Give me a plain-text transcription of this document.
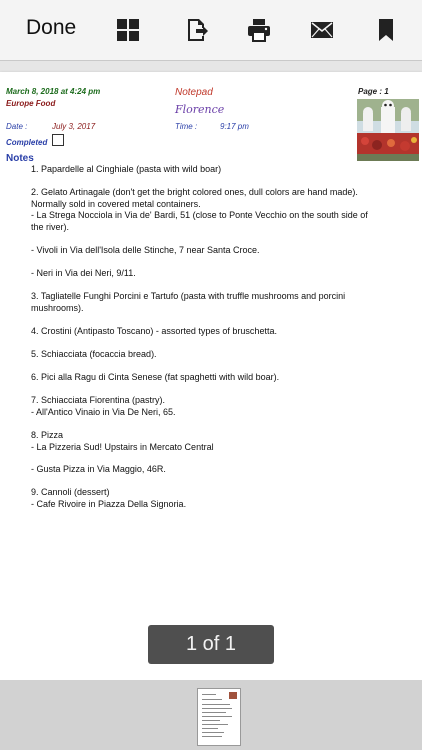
Done
March 8, 2018 at 4:24 pm
Europe Food
Notepad
Florence
Page : 1
Date :	July 3, 2017	Time :	9:17 pm
Completed
Notes
1. Papardelle al Cinghiale (pasta with wild boar)
2. Gelato Artinagale (don't get the bright colored ones, dull colors are hand made).
Normally sold in covered metal containers.
- La Strega Nocciola in Via de' Bardi, 51 (close to Ponte Vecchio on the south side of
the river).
- Vivoli in Via dell'Isola delle Stinche, 7 near Santa Croce.
- Neri in Via dei Neri, 9/11.
3. Tagliatelle Funghi Porcini e Tartufo (pasta with truffle mushrooms and porcini
mushrooms).
4. Crostini (Antipasto Toscano) - assorted types of bruschetta.
5. Schiacciata (focaccia bread).
6. Pici alla Ragu di Cinta Senese (fat spaghetti with wild boar).
7. Schiacciata Fiorentina (pastry).
- All'Antico Vinaio in Via De Neri, 65.
8. Pizza
- La Pizzeria Sud! Upstairs in Mercato Central
- Gusta Pizza in Via Maggio, 46R.
9. Cannoli (dessert)
- Cafe Rivoire in Piazza Della Signoria.
1 of 1
